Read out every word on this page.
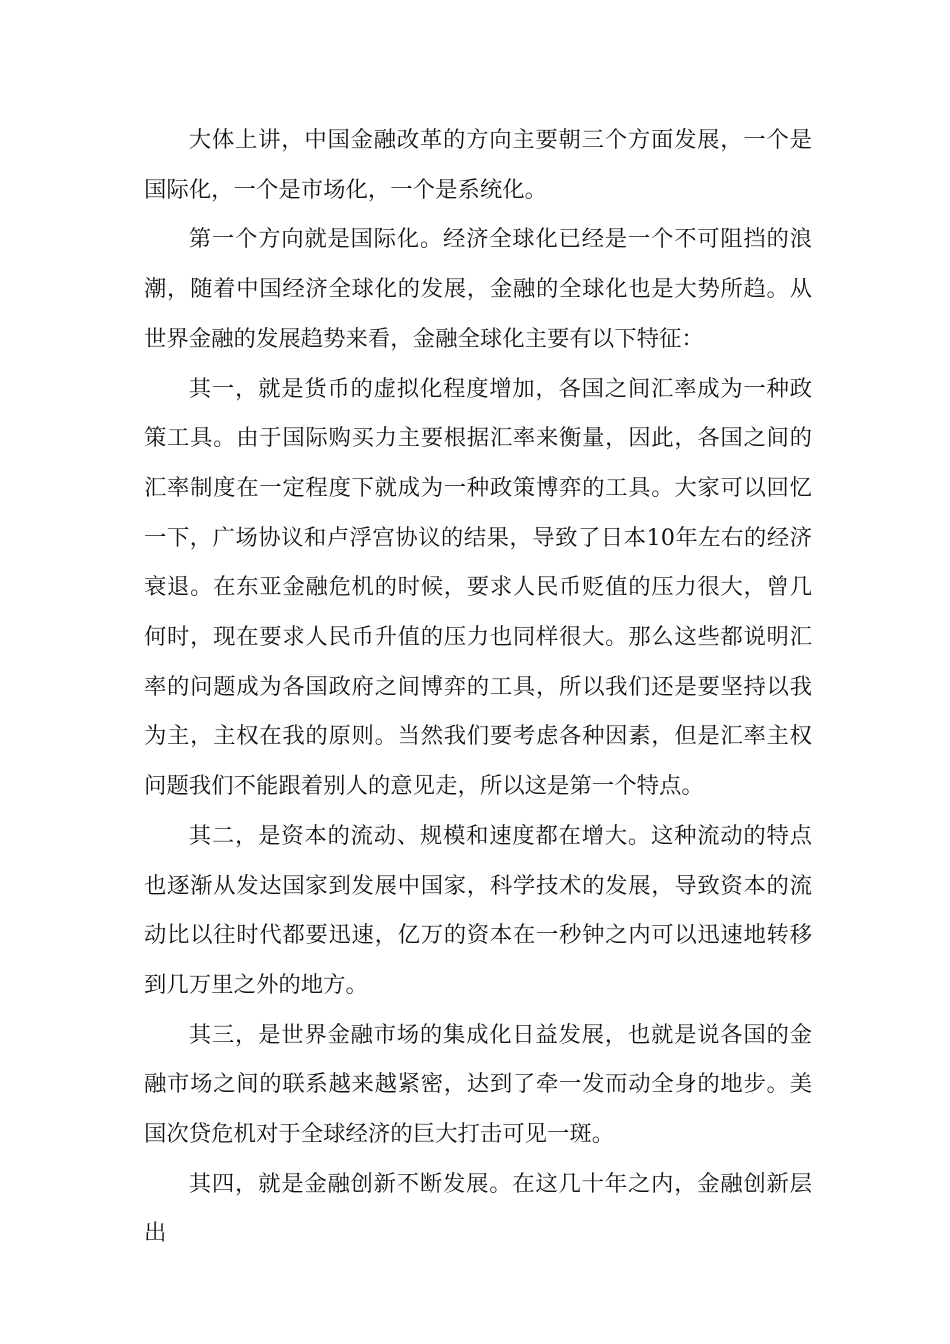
大体上讲，中国金融改革的方向主要朝三个方面发展，一个是国际化，一个是市场化，一个是系统化。

第一个方向就是国际化。经济全球化已经是一个不可阻挡的浪潮，随着中国经济全球化的发展，金融的全球化也是大势所趋。从世界金融的发展趋势来看，金融全球化主要有以下特征：

其一，就是货币的虚拟化程度增加，各国之间汇率成为一种政策工具。由于国际购买力主要根据汇率来衡量，因此，各国之间的汇率制度在一定程度下就成为一种政策博弈的工具。大家可以回忆一下，广场协议和卢浮宫协议的结果，导致了日本10年左右的经济衰退。在东亚金融危机的时候，要求人民币贬值的压力很大，曾几何时，现在要求人民币升值的压力也同样很大。那么这些都说明汇率的问题成为各国政府之间博弈的工具，所以我们还是要坚持以我为主，主权在我的原则。当然我们要考虑各种因素，但是汇率主权问题我们不能跟着别人的意见走，所以这是第一个特点。

其二，是资本的流动、规模和速度都在增大。这种流动的特点也逐渐从发达国家到发展中国家，科学技术的发展，导致资本的流动比以往时代都要迅速，亿万的资本在一秒钟之内可以迅速地转移到几万里之外的地方。

其三，是世界金融市场的集成化日益发展，也就是说各国的金融市场之间的联系越来越紧密，达到了牵一发而动全身的地步。美国次贷危机对于全球经济的巨大打击可见一斑。

其四，就是金融创新不断发展。在这几十年之内，金融创新层出
